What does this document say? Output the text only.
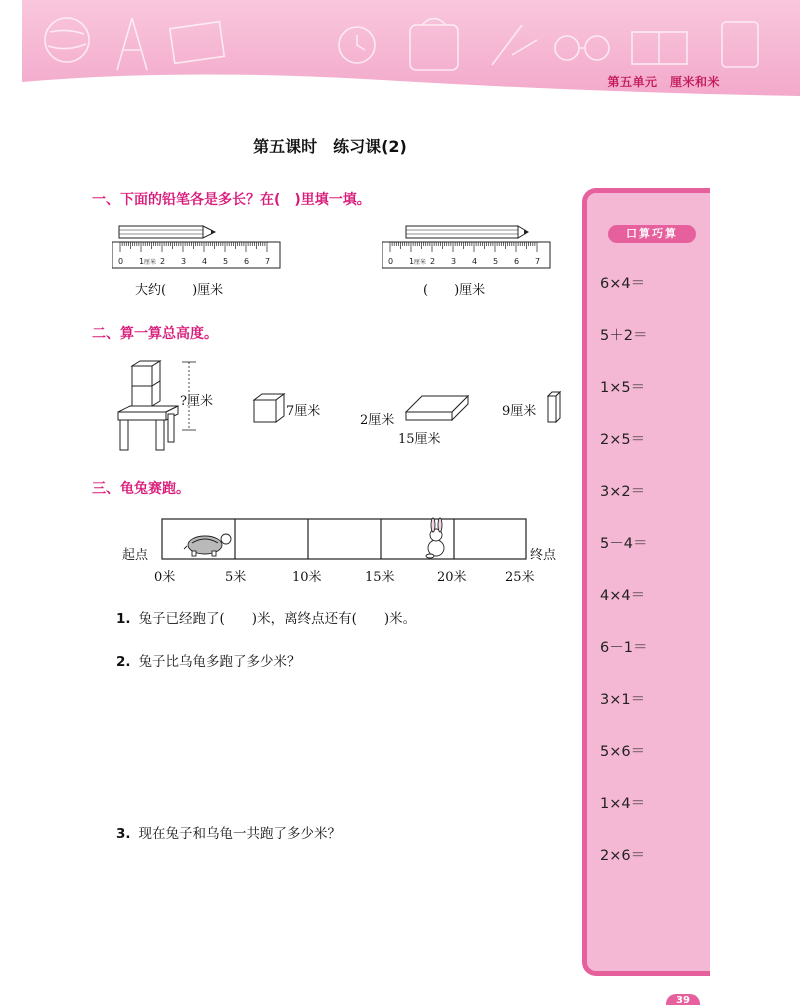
第五单元　厘米和米
第五课时　练习课(2)
一、下面的铅笔各是多长？在(　)里填一填。
0 1 2 3 4 5 6 7
厘米
大约(　　)厘米
0 1 2 3 4 5 6 7
厘米
(　　)厘米
二、算一算总高度。
?厘米
7厘米
2厘米
15厘米
9厘米
三、龟兔赛跑。
起点	终点
0米	5米	10米	15米	20米	25米
1. 兔子已经跑了(　　)米，离终点还有(　　)米。
2. 兔子比乌龟多跑了多少米？
3. 现在兔子和乌龟一共跑了多少米？
口算巧算
6×4＝
5＋2＝
1×5＝
2×5＝
3×2＝
5－4＝
4×4＝
6－1＝
3×1＝
5×6＝
1×4＝
2×6＝
39
